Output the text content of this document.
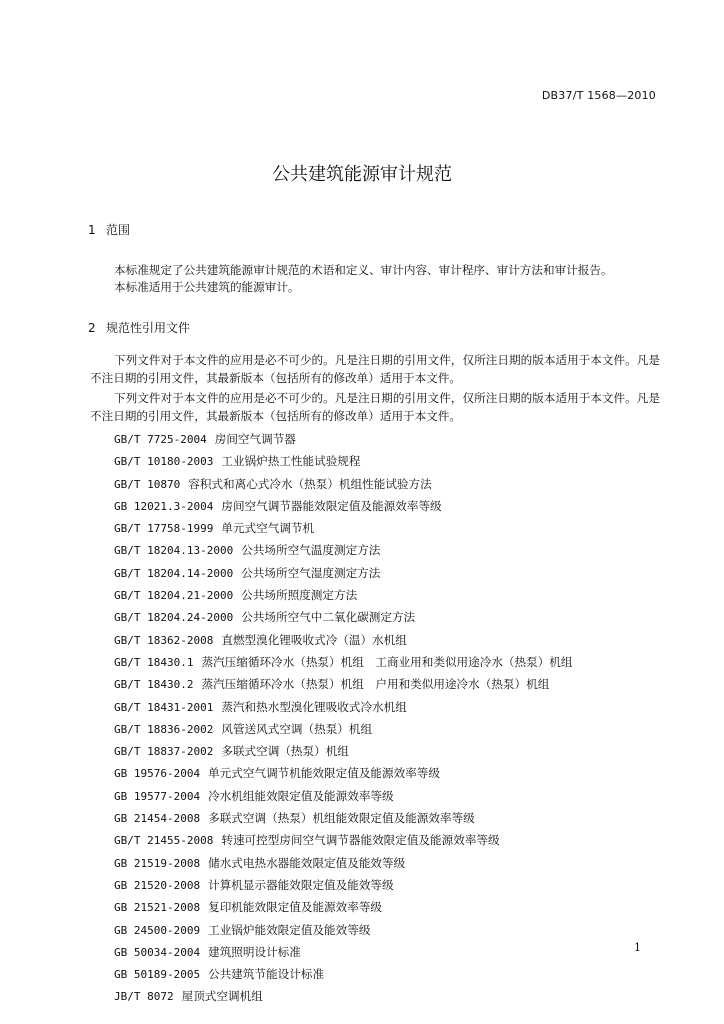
DB37/T 1568—2010
公共建筑能源审计规范
1 范围
本标准规定了公共建筑能源审计规范的术语和定义、审计内容、审计程序、审计方法和审计报告。
本标准适用于公共建筑的能源审计。
2 规范性引用文件
下列文件对于本文件的应用是必不可少的。凡是注日期的引用文件，仅所注日期的版本适用于本文件。凡是不注日期的引用文件，其最新版本（包括所有的修改单）适用于本文件。
下列文件对于本文件的应用是必不可少的。凡是注日期的引用文件，仅所注日期的版本适用于本文件。凡是不注日期的引用文件，其最新版本（包括所有的修改单）适用于本文件。
GB/T 7725-2004 房间空气调节器
GB/T 10180-2003 工业锅炉热工性能试验规程
GB/T 10870 容积式和离心式冷水（热泵）机组性能试验方法
GB 12021.3-2004 房间空气调节器能效限定值及能源效率等级
GB/T 17758-1999 单元式空气调节机
GB/T 18204.13-2000 公共场所空气温度测定方法
GB/T 18204.14-2000 公共场所空气湿度测定方法
GB/T 18204.21-2000 公共场所照度测定方法
GB/T 18204.24-2000 公共场所空气中二氧化碳测定方法
GB/T 18362-2008 直燃型溴化锂吸收式冷（温）水机组
GB/T 18430.1 蒸汽压缩循环冷水（热泵）机组　工商业用和类似用途冷水（热泵）机组
GB/T 18430.2 蒸汽压缩循环冷水（热泵）机组　户用和类似用途冷水（热泵）机组
GB/T 18431-2001 蒸汽和热水型溴化锂吸收式冷水机组
GB/T 18836-2002 风管送风式空调（热泵）机组
GB/T 18837-2002 多联式空调（热泵）机组
GB 19576-2004 单元式空气调节机能效限定值及能源效率等级
GB 19577-2004 冷水机组能效限定值及能源效率等级
GB 21454-2008 多联式空调（热泵）机组能效限定值及能源效率等级
GB/T 21455-2008 转速可控型房间空气调节器能效限定值及能源效率等级
GB 21519-2008 储水式电热水器能效限定值及能效等级
GB 21520-2008 计算机显示器能效限定值及能效等级
GB 21521-2008 复印机能效限定值及能源效率等级
GB 24500-2009 工业锅炉能效限定值及能效等级
GB 50034-2004 建筑照明设计标准
GB 50189-2005 公共建筑节能设计标准
JB/T 8072 屋顶式空调机组
1
